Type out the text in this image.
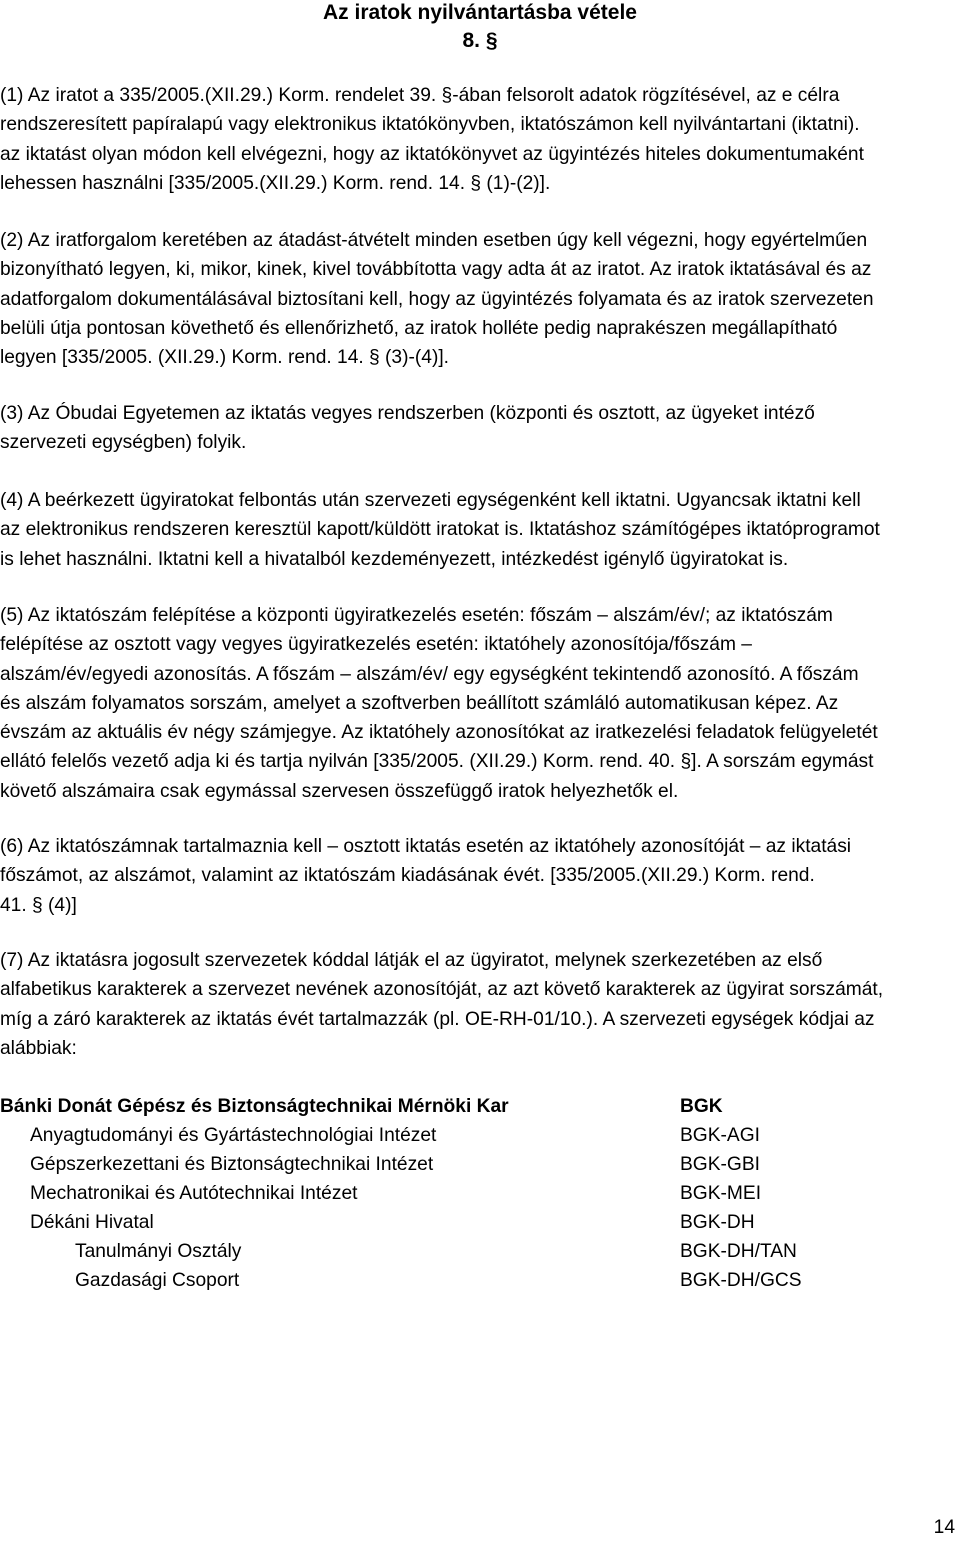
Az iratok nyilvántartásba vétele
8. §

(1) Az iratot a 335/2005.(XII.29.) Korm. rendelet 39. §-ában felsorolt adatok rögzítésével, az e célra
rendszeresített papíralapú vagy elektronikus iktatókönyvben, iktatószámon kell nyilvántartani (iktatni).
az iktatást olyan módon kell elvégezni, hogy az iktatókönyvet az ügyintézés hiteles dokumentumaként
lehessen használni [335/2005.(XII.29.) Korm. rend. 14. § (1)-(2)].

(2) Az iratforgalom keretében az átadást-átvételt minden esetben úgy kell végezni, hogy egyértelműen
bizonyítható legyen, ki, mikor, kinek, kivel továbbította vagy adta át az iratot. Az iratok iktatásával és az
adatforgalom dokumentálásával biztosítani kell, hogy az ügyintézés folyamata és az iratok szervezeten
belüli útja pontosan követhető és ellenőrizhető, az iratok holléte pedig naprakészen megállapítható
legyen [335/2005. (XII.29.) Korm. rend. 14. § (3)-(4)].

(3) Az Óbudai Egyetemen az iktatás vegyes rendszerben (központi és osztott, az ügyeket intéző
szervezeti egységben) folyik.

(4) A beérkezett ügyiratokat felbontás után szervezeti egységenként kell iktatni. Ugyancsak iktatni kell
az elektronikus rendszeren keresztül kapott/küldött iratokat is. Iktatáshoz számítógépes iktatóprogramot
is lehet használni. Iktatni kell a hivatalból kezdeményezett, intézkedést igénylő ügyiratokat is.

(5) Az iktatószám felépítése a központi ügyiratkezelés esetén: főszám – alszám/év/; az iktatószám
felépítése az osztott vagy vegyes ügyiratkezelés esetén: iktatóhely azonosítója/főszám –
alszám/év/egyedi azonosítás. A főszám – alszám/év/ egy egységként tekintendő azonosító. A főszám
és alszám folyamatos sorszám, amelyet a szoftverben beállított számláló automatikusan képez. Az
évszám az aktuális év négy számjegye. Az iktatóhely azonosítókat az iratkezelési feladatok felügyeletét
ellátó felelős vezető adja ki és tartja nyilván [335/2005. (XII.29.) Korm. rend. 40. §]. A sorszám egymást
követő alszámaira csak egymással szervesen összefüggő iratok helyezhetők el.

(6) Az iktatószámnak tartalmaznia kell – osztott iktatás esetén az iktatóhely azonosítóját – az iktatási
főszámot, az alszámot, valamint az iktatószám kiadásának évét. [335/2005.(XII.29.) Korm. rend.
41. § (4)]

(7) Az iktatásra jogosult szervezetek kóddal látják el az ügyiratot, melynek szerkezetében az első
alfabetikus karakterek a szervezet nevének azonosítóját, az azt követő karakterek az ügyirat sorszámát,
míg a záró karakterek az iktatás évét tartalmazzák (pl. OE-RH-01/10.). A szervezeti egységek kódjai az
alábbiak:

Bánki Donát Gépész és Biztonságtechnikai Mérnöki Kar	BGK
Anyagtudományi és Gyártástechnológiai Intézet	BGK-AGI
Gépszerkezettani és Biztonságtechnikai Intézet	BGK-GBI
Mechatronikai és Autótechnikai Intézet	BGK-MEI
Dékáni Hivatal	BGK-DH
Tanulmányi Osztály	BGK-DH/TAN
Gazdasági Csoport	BGK-DH/GCS
14
